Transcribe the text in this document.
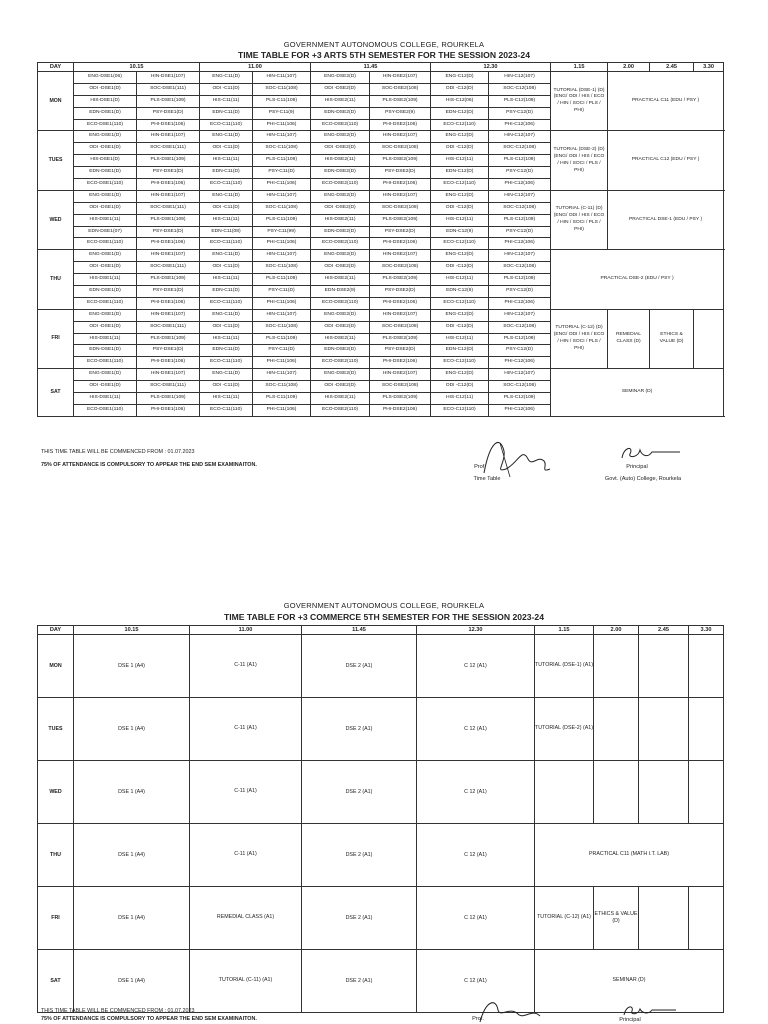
GOVERNMENT AUTONOMOUS COLLEGE, ROURKELA
TIME TABLE FOR +3 ARTS 5TH SEMESTER FOR THE SESSION 2023-24
DAY	10.15		11.00		11.45		12.30		1.15	2.00	2.45	3.30	
MON	ENG-DSE1(06)	HIN-DSE1(107)	ENG-C11(D)	HIN-C11(107)	ENG-DSE2(D)	HIN-DSE2(107)	ENG-C12(D)	HIN-C12(107)	TUTORIAL (DSE-1) (D) (ENG/ ODI / HIS / ECO / HIN / SOCI / PLS / PHI)	PRACTICAL C11 (EDU / PSY )			
	ODI -DSE1(D)	SOC-DSE1(111)	ODI -C11(D)	SOC-C11(108)	ODI -DSE2(D)	SOC-DSE2(108)	ODI -C12(D)	SOC-C12(108)					
	HIS-DSE1(D)	PLS-DSE1(109)	HIS-C11(11)	PLS-C11(109)	HIS-DSE2(11)	PLS-DSE2(109)	HIS-C12(06)	PLS-C12(109)					
	EDN-DSE1(D)	PSY-DSE1(D)	EDN-C11(D)	PSY-C11(9)	EDN-DSE2(D)	PSY-DSE2(9)	EDN-C12(D)	PSY-C12(D)					
	ECO-DSE1(110)	PHI-DSE1(106)	ECO-C11(110)	PHI-C11(106)	ECO-DSE2(110)	PHI-DSE2(106)	ECO-C12(110)	PHI-C12(106)					
TUES	ENG-DSE1(D)	HIN-DSE1(107)	ENG-C11(D)	HIN-C11(107)	ENG-DSE2(D)	HIN-DSE2(107)	ENG-C12(D)	HIN-C12(107)	TUTORIAL (DSE-2) (D) (ENG/ ODI / HIS / ECO / HIN / SOCI / PLS / PHI)	PRACTICAL C12 (EDU / PSY )			
	ODI -DSE1(D)	SOC-DSE1(111)	ODI -C11(D)	SOC-C11(108)	ODI -DSE2(D)	SOC-DSE2(108)	ODI -C12(D)	SOC-C12(108)					
	HIS-DSE1(D)	PLS-DSE1(109)	HIS-C11(11)	PLS-C11(109)	HIS-DSE2(11)	PLS-DSE2(109)	HIS-C12(11)	PLS-C12(109)					
	EDN-DSE1(D)	PSY-DSE1(D)	EDN-C11(D)	PSY-C11(D)	EDN-DSE2(D)	PSY-DSE2(D)	EDN-C12(D)	PSY-C12(D)					
	ECO-DSE1(110)	PHI-DSE1(106)	ECO-C11(110)	PHI-C11(106)	ECO-DSE2(110)	PHI-DSE2(106)	ECO-C12(110)	PHI-C12(106)					
WED	ENG-DSE1(D)	HIN-DSE1(107)	ENG-C11(D)	HIN-C11(107)	ENG-DSE2(D)	HIN-DSE2(107)	ENG-C12(D)	HIN-C12(107)	TUTORIAL (C-11) (D) (ENG/ ODI / HIS / ECO / HIN / SOCI / PLS / PHI)	PRACTICAL DSE-1 (EDU / PSY )			
	ODI -DSE1(D)	SOC-DSE1(111)	ODI -C11(D)	SOC-C11(108)	ODI -DSE2(D)	SOC-DSE2(108)	ODI -C12(D)	SOC-C12(108)					
	HIS-DSE1(11)	PLS-DSE1(109)	HIS-C11(11)	PLS-C11(109)	HIS-DSE2(11)	PLS-DSE2(109)	HIS-C12(11)	PLS-C12(109)					
	EDN-DSE1(07)	PSY-DSE1(D)	EDN-C11(08)	PSY-C11(99)	EDN-DSE2(D)	PSY-DSE2(D)	EDN-C12(9)	PSY-C12(D)					
	ECO-DSE1(110)	PHI-DSE1(106)	ECO-C11(110)	PHI-C11(106)	ECO-DSE2(110)	PHI-DSE2(106)	ECO-C12(110)	PHI-C12(106)					
THU	ENG-DSE1(D)	HIN-DSE1(107)	ENG-C11(D)	HIN-C11(107)	ENG-DSE2(D)	HIN-DSE2(107)	ENG-C12(D)	HIN-C12(107)	PRACTICAL DSE-2 (EDU / PSY )				
	ODI -DSE1(D)	SOC-DSE1(111)	ODI -C11(D)	SOC-C11(108)	ODI -DSE2(D)	SOC-DSE2(108)	ODI -C12(D)	SOC-C12(108)					
	HIS-DSE1(11)	PLS-DSE1(109)	HIS-C11(11)	PLS-C11(109)	HIS-DSE2(11)	PLS-DSE2(109)	HIS-C12(11)	PLS-C12(109)					
	EDN-DSE1(D)	PSY-DSE1(D)	EDN-C11(D)	PSY-C11(D)	EDN-DSE2(9)	PSY-DSE2(D)	EDN-C12(9)	PSY-C12(D)					
	ECO-DSE1(110)	PHI-DSE1(106)	ECO-C11(110)	PHI-C11(106)	ECO-DSE2(110)	PHI-DSE2(106)	ECO-C12(110)	PHI-C12(106)					
FRI	ENG-DSE1(D)	HIN-DSE1(107)	ENG-C11(D)	HIN-C11(107)	ENG-DSE2(D)	HIN-DSE2(107)	ENG-C12(D)	HIN-C12(107)	TUTORIAL (C-12) (D) (ENG/ ODI / HIS / ECO / HIN / SOCI / PLS / PHI)	REMEDIAL CLASS (D)	ETHICS & VALUE (D)		
	ODI -DSE1(D)	SOC-DSE1(111)	ODI -C11(D)	SOC-C11(108)	ODI -DSE2(D)	SOC-DSE2(108)	ODI -C12(D)	SOC-C12(108)					
	HIS-DSE1(11)	PLS-DSE1(109)	HIS-C11(11)	PLS-C11(109)	HIS-DSE2(11)	PLS-DSE2(109)	HIS-C12(11)	PLS-C12(109)					
	EDN-DSE1(D)	PSY-DSE1(D)	EDN-C11(D)	PSY-C11(D)	EDN-DSE2(D)	PSY-DSE2(D)	EDN-C12(D)	PSY-C12(D)					
	ECO-DSE1(110)	PHI-DSE1(106)	ECO-C11(110)	PHI-C11(106)	ECO-DSE2(110)	PHI-DSE2(106)	ECO-C12(110)	PHI-C12(106)					
SAT	ENG-DSE1(D)	HIN-DSE1(107)	ENG-C11(D)	HIN-C11(107)	ENG-DSE2(D)	HIN-DSE2(107)	ENG-C12(D)	HIN-C12(107)	SEMINAR (D)				
	ODI -DSE1(D)	SOC-DSE1(111)	ODI -C11(D)	SOC-C11(108)	ODI -DSE2(D)	SOC-DSE2(108)	ODI -C12(D)	SOC-C12(108)					
	HIS-DSE1(11)	PLS-DSE1(109)	HIS-C11(11)	PLS-C11(109)	HIS-DSE2(11)	PLS-DSE2(109)	HIS-C12(11)	PLS-C12(109)					
	ECO-DSE1(110)	PHI-DSE1(106)	ECO-C11(110)	PHI-C11(106)	ECO-DSE2(110)	PHI-DSE2(106)	ECO-C12(110)	PHI-C12(106)					
THIS TIME TABLE WILL BE COMMENCED FROM : 01.07.2023
75% OF ATTENDANCE IS COMPULSORY TO APPEAR THE END SEM EXAMINAITON.	Prof.
Time Table
Principal
Govt. (Auto) College, Rourkela
GOVERNMENT AUTONOMOUS COLLEGE, ROURKELA
TIME TABLE FOR +3 COMMERCE 5TH SEMESTER FOR THE SESSION 2023-24
DAY	10.15	11.00	11.45	12.30	1.15	2.00	2.45	3.30
MON	DSE 1 (A4)	C-11 (A1)	DSE 2 (A1)	C 12 (A1)	TUTORIAL (DSE-1) (A1)			
TUES	DSE 1 (A4)	C-11 (A1)	DSE 2 (A1)	C 12 (A1)	TUTORIAL (DSE-2) (A1)			
WED	DSE 1 (A4)	C-11 (A1)	DSE 2 (A1)	C 12 (A1)				
THU	DSE 1 (A4)	C-11 (A1)	DSE 2 (A1)	C 12 (A1)	PRACTICAL C11 (MATH I.T. LAB)			
FRI	DSE 1 (A4)	REMEDIAL CLASS (A1)	DSE 2 (A1)	C 12 (A1)	TUTORIAL (C-12) (A1)	ETHICS & VALUE (D)		
SAT	DSE 1 (A4)	TUTORIAL (C-11) (A1)	DSE 2 (A1)	C 12 (A1)	SEMINAR (D)			
THIS TIME TABLE WILL BE COMMENCED FROM : 01.07.2023
75% OF ATTENDANCE IS COMPULSORY TO APPEAR THE END SEM EXAMINAITON.	Prof.	Principal
